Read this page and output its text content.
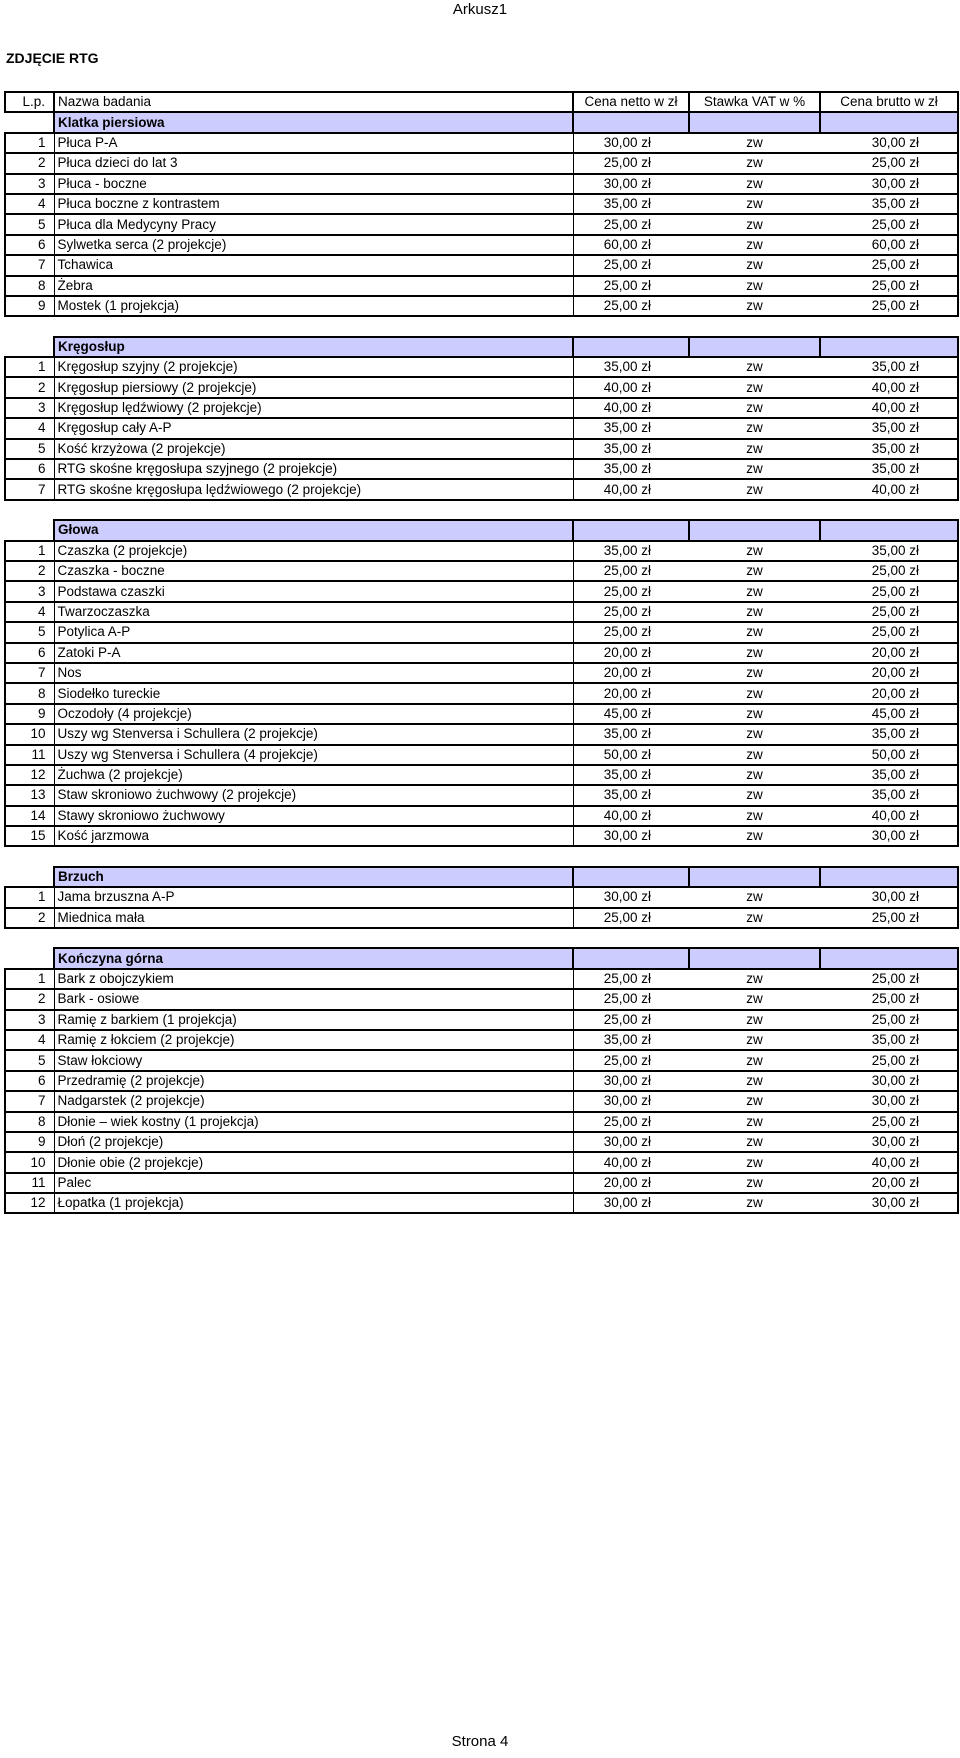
Arkusz1
ZDJĘCIE RTG
L.p.	Nazwa badania	Cena netto w zł	Stawka VAT w %	Cena brutto w zł
	Klatka piersiowa			
1	Płuca P-A	30,00 zł	zw	30,00 zł
2	Płuca dzieci do lat 3	25,00 zł	zw	25,00 zł
3	Płuca - boczne	30,00 zł	zw	30,00 zł
4	Płuca boczne z kontrastem	35,00 zł	zw	35,00 zł
5	Płuca dla Medycyny Pracy	25,00 zł	zw	25,00 zł
6	Sylwetka serca (2 projekcje)	60,00 zł	zw	60,00 zł
7	Tchawica	25,00 zł	zw	25,00 zł
8	Żebra	25,00 zł	zw	25,00 zł
9	Mostek (1 projekcja)	25,00 zł	zw	25,00 zł

	Kręgosłup			
1	Kręgosłup szyjny (2 projekcje)	35,00 zł	zw	35,00 zł
2	Kręgosłup piersiowy (2 projekcje)	40,00 zł	zw	40,00 zł
3	Kręgosłup lędźwiowy (2 projekcje)	40,00 zł	zw	40,00 zł
4	Kręgosłup cały A-P	35,00 zł	zw	35,00 zł
5	Kość krzyżowa (2 projekcje)	35,00 zł	zw	35,00 zł
6	RTG skośne kręgosłupa szyjnego (2 projekcje)	35,00 zł	zw	35,00 zł
7	RTG skośne kręgosłupa lędźwiowego (2 projekcje)	40,00 zł	zw	40,00 zł

	Głowa			
1	Czaszka (2 projekcje)	35,00 zł	zw	35,00 zł
2	Czaszka - boczne	25,00 zł	zw	25,00 zł
3	Podstawa czaszki	25,00 zł	zw	25,00 zł
4	Twarzoczaszka	25,00 zł	zw	25,00 zł
5	Potylica A-P	25,00 zł	zw	25,00 zł
6	Zatoki P-A	20,00 zł	zw	20,00 zł
7	Nos	20,00 zł	zw	20,00 zł
8	Siodełko tureckie	20,00 zł	zw	20,00 zł
9	Oczodoły (4 projekcje)	45,00 zł	zw	45,00 zł
10	Uszy wg Stenversa i Schullera (2 projekcje)	35,00 zł	zw	35,00 zł
11	Uszy wg Stenversa i Schullera (4 projekcje)	50,00 zł	zw	50,00 zł
12	Żuchwa (2 projekcje)	35,00 zł	zw	35,00 zł
13	Staw skroniowo żuchwowy (2 projekcje)	35,00 zł	zw	35,00 zł
14	Stawy skroniowo żuchwowy	40,00 zł	zw	40,00 zł
15	Kość jarzmowa	30,00 zł	zw	30,00 zł

	Brzuch			
1	Jama brzuszna A-P	30,00 zł	zw	30,00 zł
2	Miednica mała	25,00 zł	zw	25,00 zł

	Kończyna górna			
1	Bark z obojczykiem	25,00 zł	zw	25,00 zł
2	Bark - osiowe	25,00 zł	zw	25,00 zł
3	Ramię z barkiem (1 projekcja)	25,00 zł	zw	25,00 zł
4	Ramię z łokciem (2 projekcje)	35,00 zł	zw	35,00 zł
5	Staw łokciowy	25,00 zł	zw	25,00 zł
6	Przedramię (2 projekcje)	30,00 zł	zw	30,00 zł
7	Nadgarstek (2 projekcje)	30,00 zł	zw	30,00 zł
8	Dłonie – wiek kostny (1 projekcja)	25,00 zł	zw	25,00 zł
9	Dłoń (2 projekcje)	30,00 zł	zw	30,00 zł
10	Dłonie obie (2 projekcje)	40,00 zł	zw	40,00 zł
11	Palec	20,00 zł	zw	20,00 zł
12	Łopatka (1 projekcja)	30,00 zł	zw	30,00 zł
Strona 4
